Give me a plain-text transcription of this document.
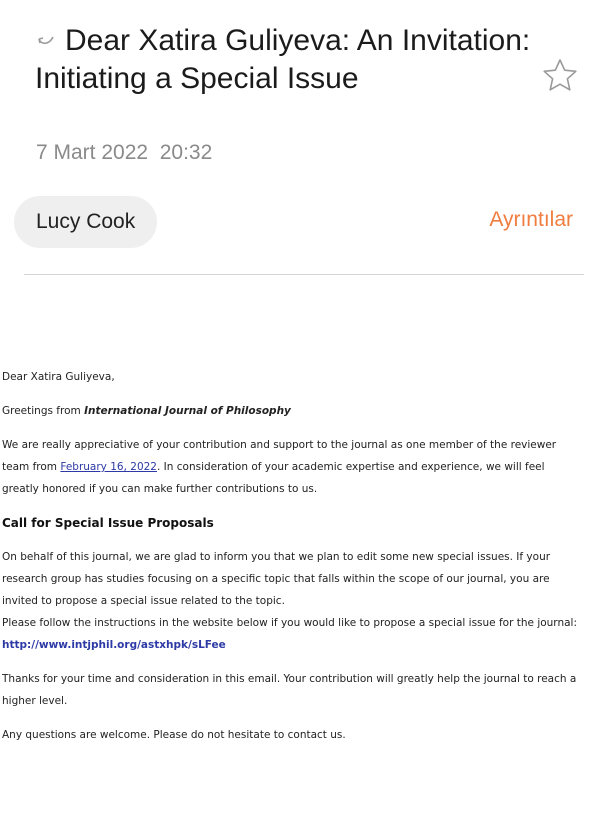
Dear Xatira Guliyeva: An Invitation: Initiating a Special Issue
7 Mart 2022  20:32
Lucy Cook	Ayrıntılar

Dear Xatira Guliyeva,

Greetings from International Journal of Philosophy

We are really appreciative of your contribution and support to the journal as one member of the reviewer team from February 16, 2022. In consideration of your academic expertise and experience, we will feel greatly honored if you can make further contributions to us.

Call for Special Issue Proposals

On behalf of this journal, we are glad to inform you that we plan to edit some new special issues. If your research group has studies focusing on a specific topic that falls within the scope of our journal, you are invited to propose a special issue related to the topic.

Please follow the instructions in the website below if you would like to propose a special issue for the journal:

http://www.intjphil.org/astxhpk/sLFee

Thanks for your time and consideration in this email. Your contribution will greatly help the journal to reach a higher level.

Any questions are welcome. Please do not hesitate to contact us.
